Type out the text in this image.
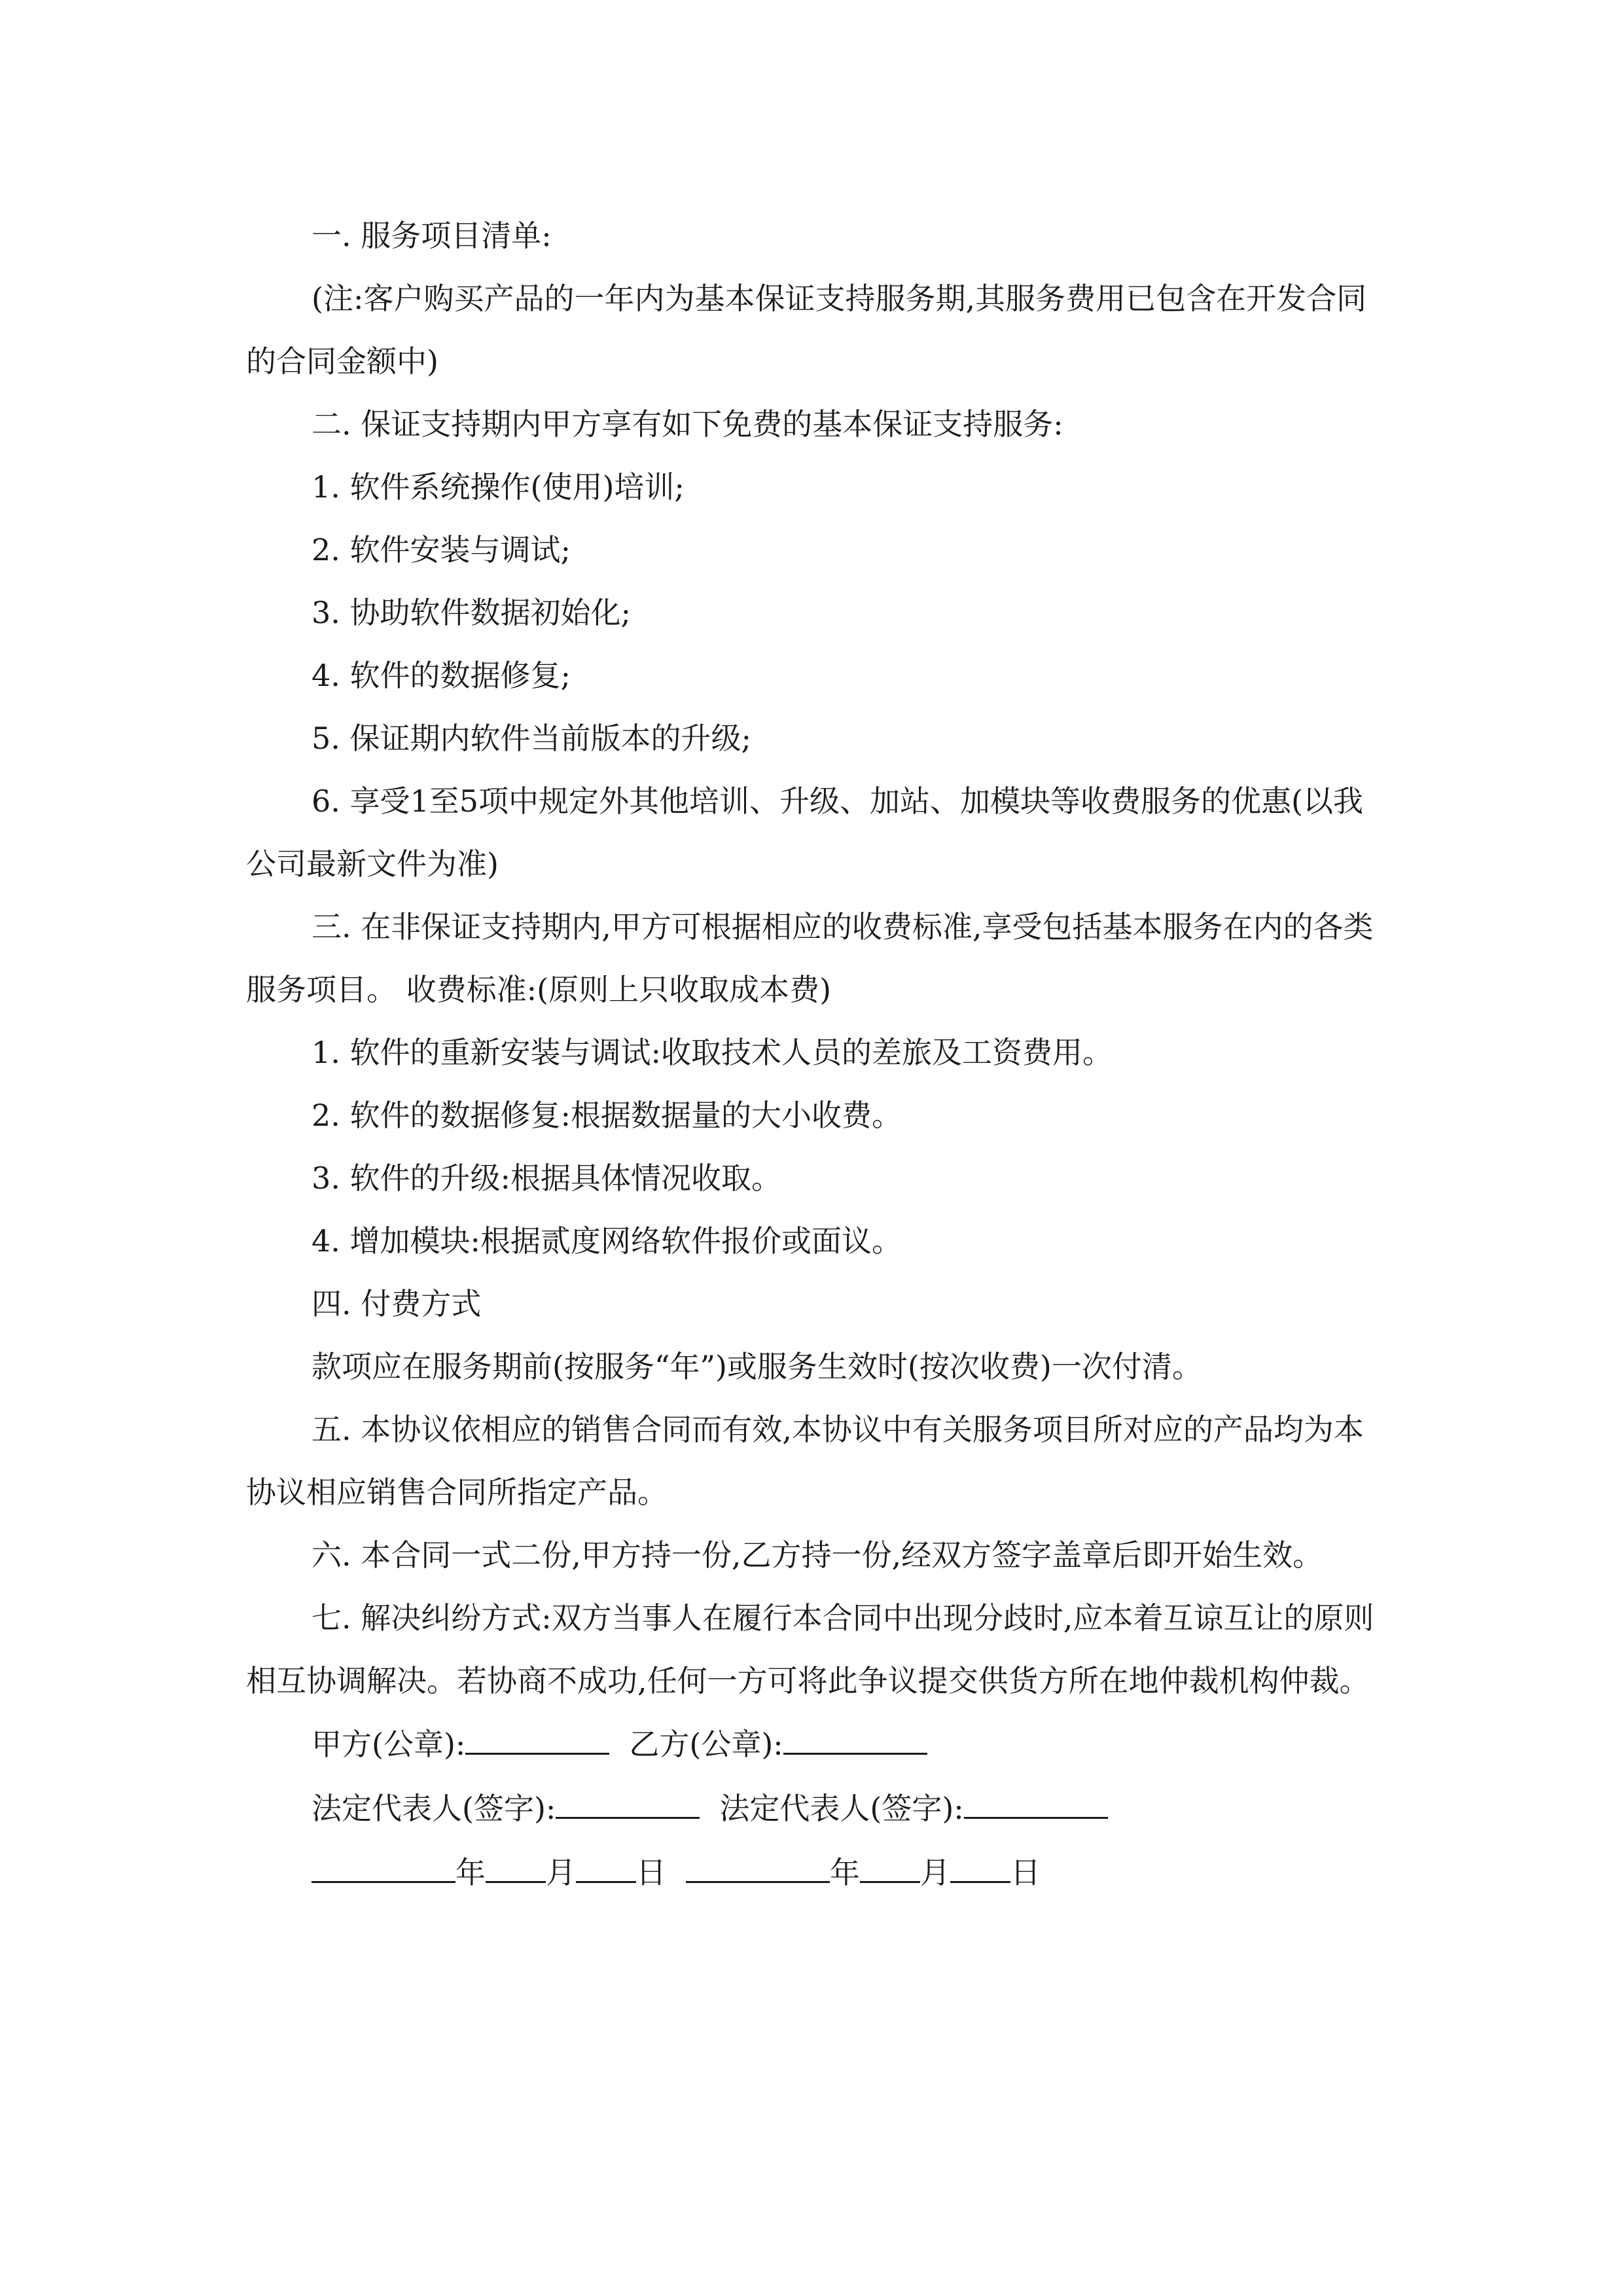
一. 服务项目清单:

(注:客户购买产品的一年内为基本保证支持服务期,其服务费用已包含在开发合同的合同金额中)

二. 保证支持期内甲方享有如下免费的基本保证支持服务:

1. 软件系统操作(使用)培训;

2. 软件安装与调试;

3. 协助软件数据初始化;

4. 软件的数据修复;

5. 保证期内软件当前版本的升级;

6. 享受1至5项中规定外其他培训、升级、加站、加模块等收费服务的优惠(以我公司最新文件为准)

三. 在非保证支持期内,甲方可根据相应的收费标准,享受包括基本服务在内的各类服务项目。 收费标准:(原则上只收取成本费)

1. 软件的重新安装与调试:收取技术人员的差旅及工资费用。

2. 软件的数据修复:根据数据量的大小收费。

3. 软件的升级:根据具体情况收取。

4. 增加模块:根据贰度网络软件报价或面议。

四. 付费方式

款项应在服务期前(按服务“年”)或服务生效时(按次收费)一次付清。

五. 本协议依相应的销售合同而有效,本协议中有关服务项目所对应的产品均为本协议相应销售合同所指定产品。

六. 本合同一式二份,甲方持一份,乙方持一份,经双方签字盖章后即开始生效。

七. 解决纠纷方式:双方当事人在履行本合同中出现分歧时,应本着互谅互让的原则相互协调解决。若协商不成功,任何一方可将此争议提交供货方所在地仲裁机构仲裁。

甲方(公章):	乙方(公章):
法定代表人(签字):	法定代表人(签字):
年 月 日	年 月 日
